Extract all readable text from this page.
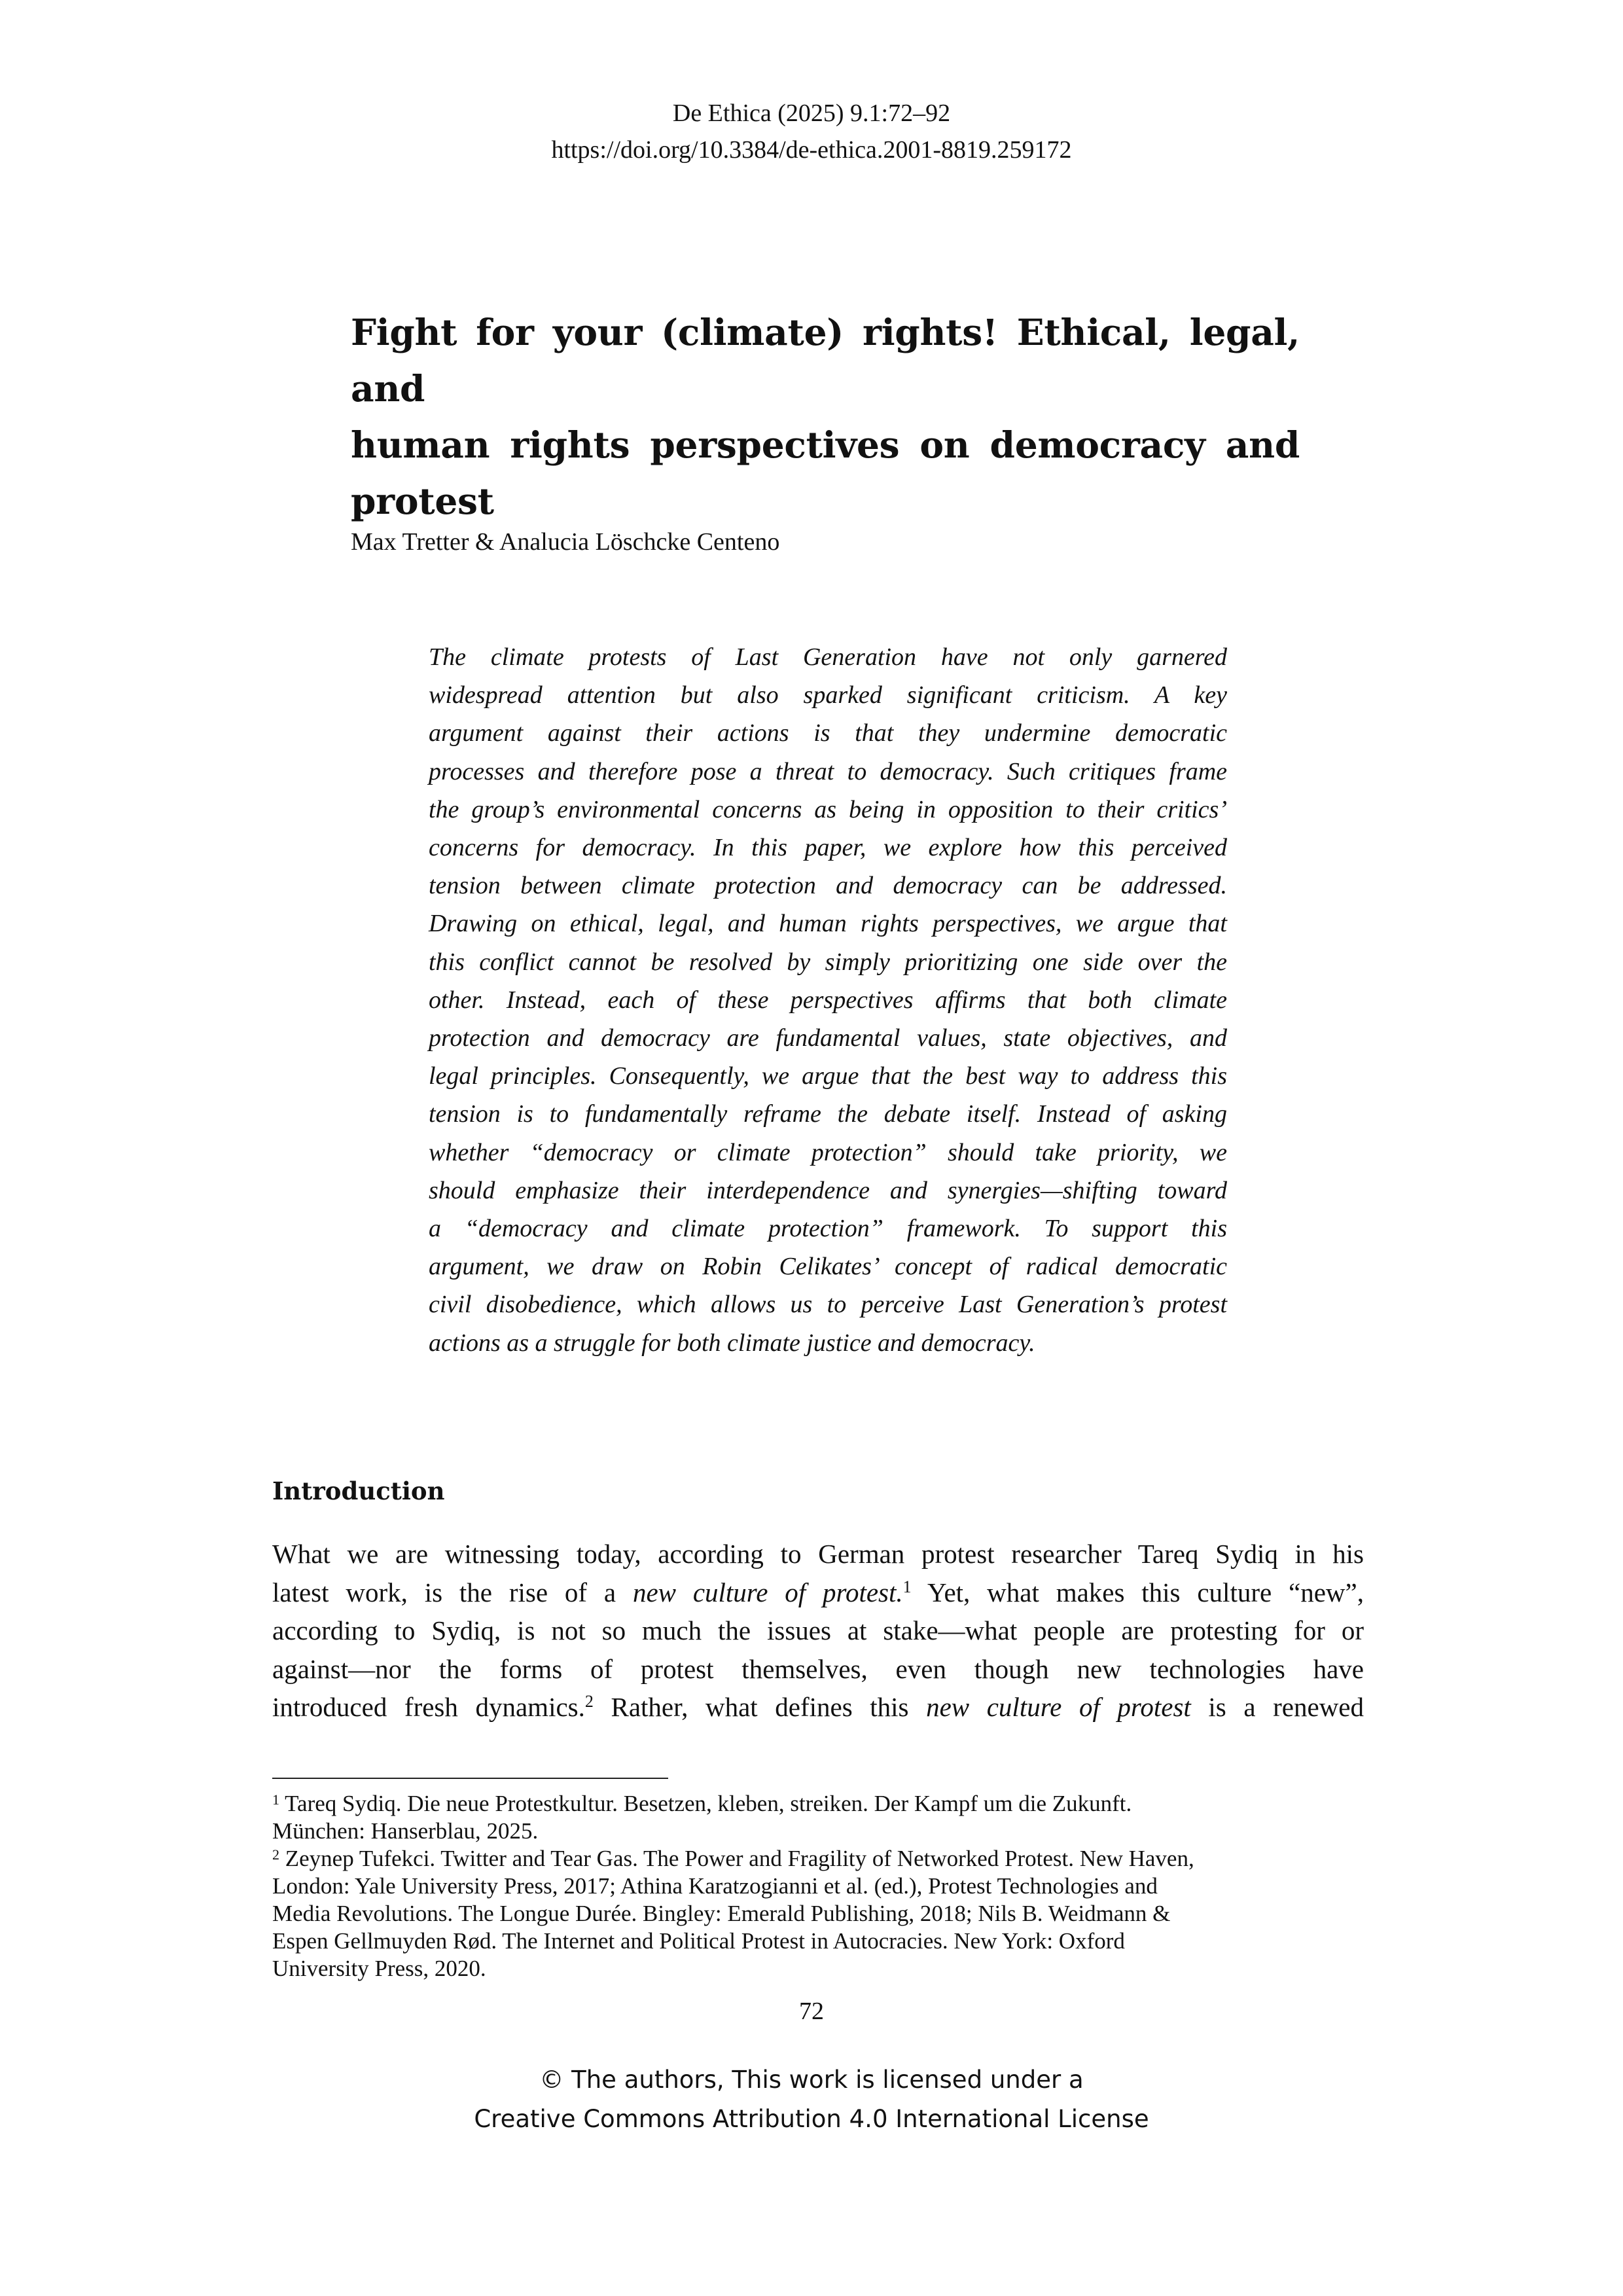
De Ethica (2025) 9.1:72–92
https://doi.org/10.3384/de-ethica.2001-8819.259172
Fight for your (climate) rights! Ethical, legal, and
human rights perspectives on democracy and protest
Max Tretter & Analucia Löschcke Centeno
The climate protests of Last Generation have not only garnered
widespread attention but also sparked significant criticism. A key
argument against their actions is that they undermine democratic
processes and therefore pose a threat to democracy. Such critiques frame
the group’s environmental concerns as being in opposition to their critics’
concerns for democracy. In this paper, we explore how this perceived
tension between climate protection and democracy can be addressed.
Drawing on ethical, legal, and human rights perspectives, we argue that
this conflict cannot be resolved by simply prioritizing one side over the
other. Instead, each of these perspectives affirms that both climate
protection and democracy are fundamental values, state objectives, and
legal principles. Consequently, we argue that the best way to address this
tension is to fundamentally reframe the debate itself. Instead of asking
whether “democracy or climate protection” should take priority, we
should emphasize their interdependence and synergies—shifting toward
a “democracy and climate protection” framework. To support this
argument, we draw on Robin Celikates’ concept of radical democratic
civil disobedience, which allows us to perceive Last Generation’s protest
actions as a struggle for both climate justice and democracy.
Introduction
What we are witnessing today, according to German protest researcher Tareq Sydiq in his
latest work, is the rise of a new culture of protest.$^1$ Yet, what makes this culture “new”,
according to Sydiq, is not so much the issues at stake—what people are protesting for or
against—nor the forms of protest themselves, even though new technologies have
introduced fresh dynamics.$^2$ Rather, what defines this new culture of protest is a renewed

$^1$ Tareq Sydiq. Die neue Protestkultur. Besetzen, kleben, streiken. Der Kampf um die Zukunft.
München: Hanserblau, 2025.

$^2$ Zeynep Tufekci. Twitter and Tear Gas. The Power and Fragility of Networked Protest. New Haven,
London: Yale University Press, 2017; Athina Karatzogianni et al. (ed.), Protest Technologies and
Media Revolutions. The Longue Durée. Bingley: Emerald Publishing, 2018; Nils B. Weidmann &
Espen Gellmuyden Rød. The Internet and Political Protest in Autocracies. New York: Oxford
University Press, 2020.

72
© The authors, This work is licensed under a
Creative Commons Attribution 4.0 International License
